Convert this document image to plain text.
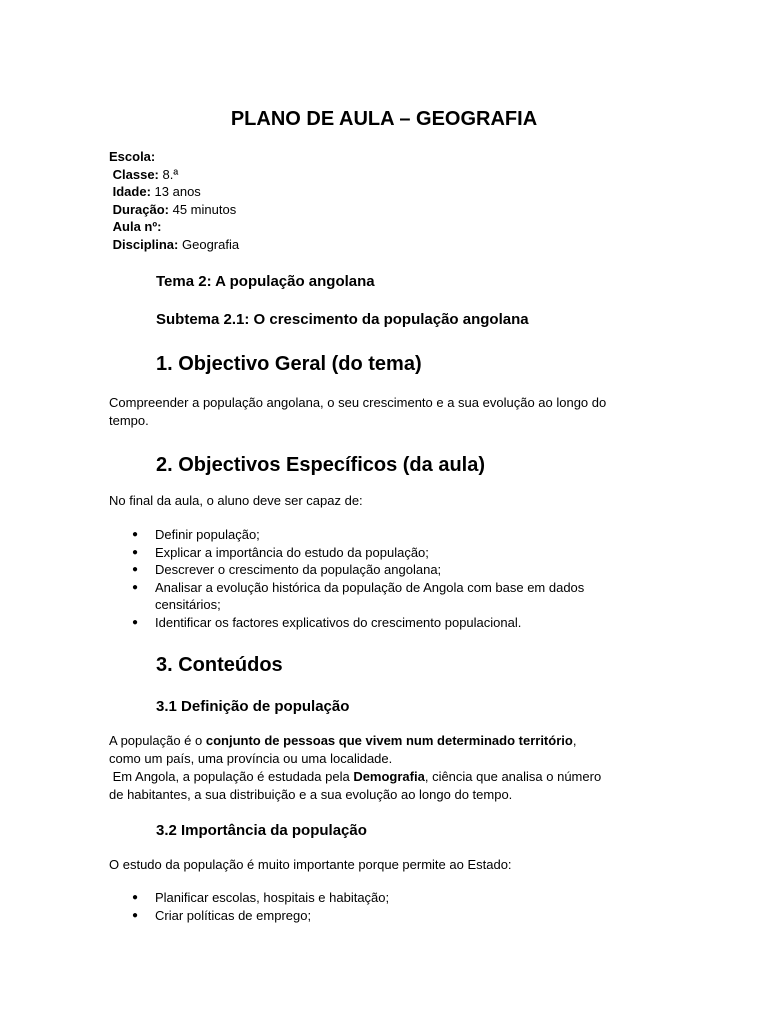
PLANO DE AULA – GEOGRAFIA
Escola:
Classe: 8.ª
Idade: 13 anos
Duração: 45 minutos
Aula nº:
Disciplina: Geografia
Tema 2: A população angolana
Subtema 2.1: O crescimento da população angolana
1. Objectivo Geral (do tema)
Compreender a população angolana, o seu crescimento e a sua evolução ao longo do
tempo.
2. Objectivos Específicos (da aula)
No final da aula, o aluno deve ser capaz de:
● Definir população;
● Explicar a importância do estudo da população;
● Descrever o crescimento da população angolana;
● Analisar a evolução histórica da população de Angola com base em dados
censitários;
● Identificar os factores explicativos do crescimento populacional.
3. Conteúdos
3.1 Definição de população
A população é o conjunto de pessoas que vivem num determinado território,
como um país, uma província ou uma localidade.
Em Angola, a população é estudada pela Demografia, ciência que analisa o número
de habitantes, a sua distribuição e a sua evolução ao longo do tempo.
3.2 Importância da população
O estudo da população é muito importante porque permite ao Estado:
● Planificar escolas, hospitais e habitação;
● Criar políticas de emprego;
